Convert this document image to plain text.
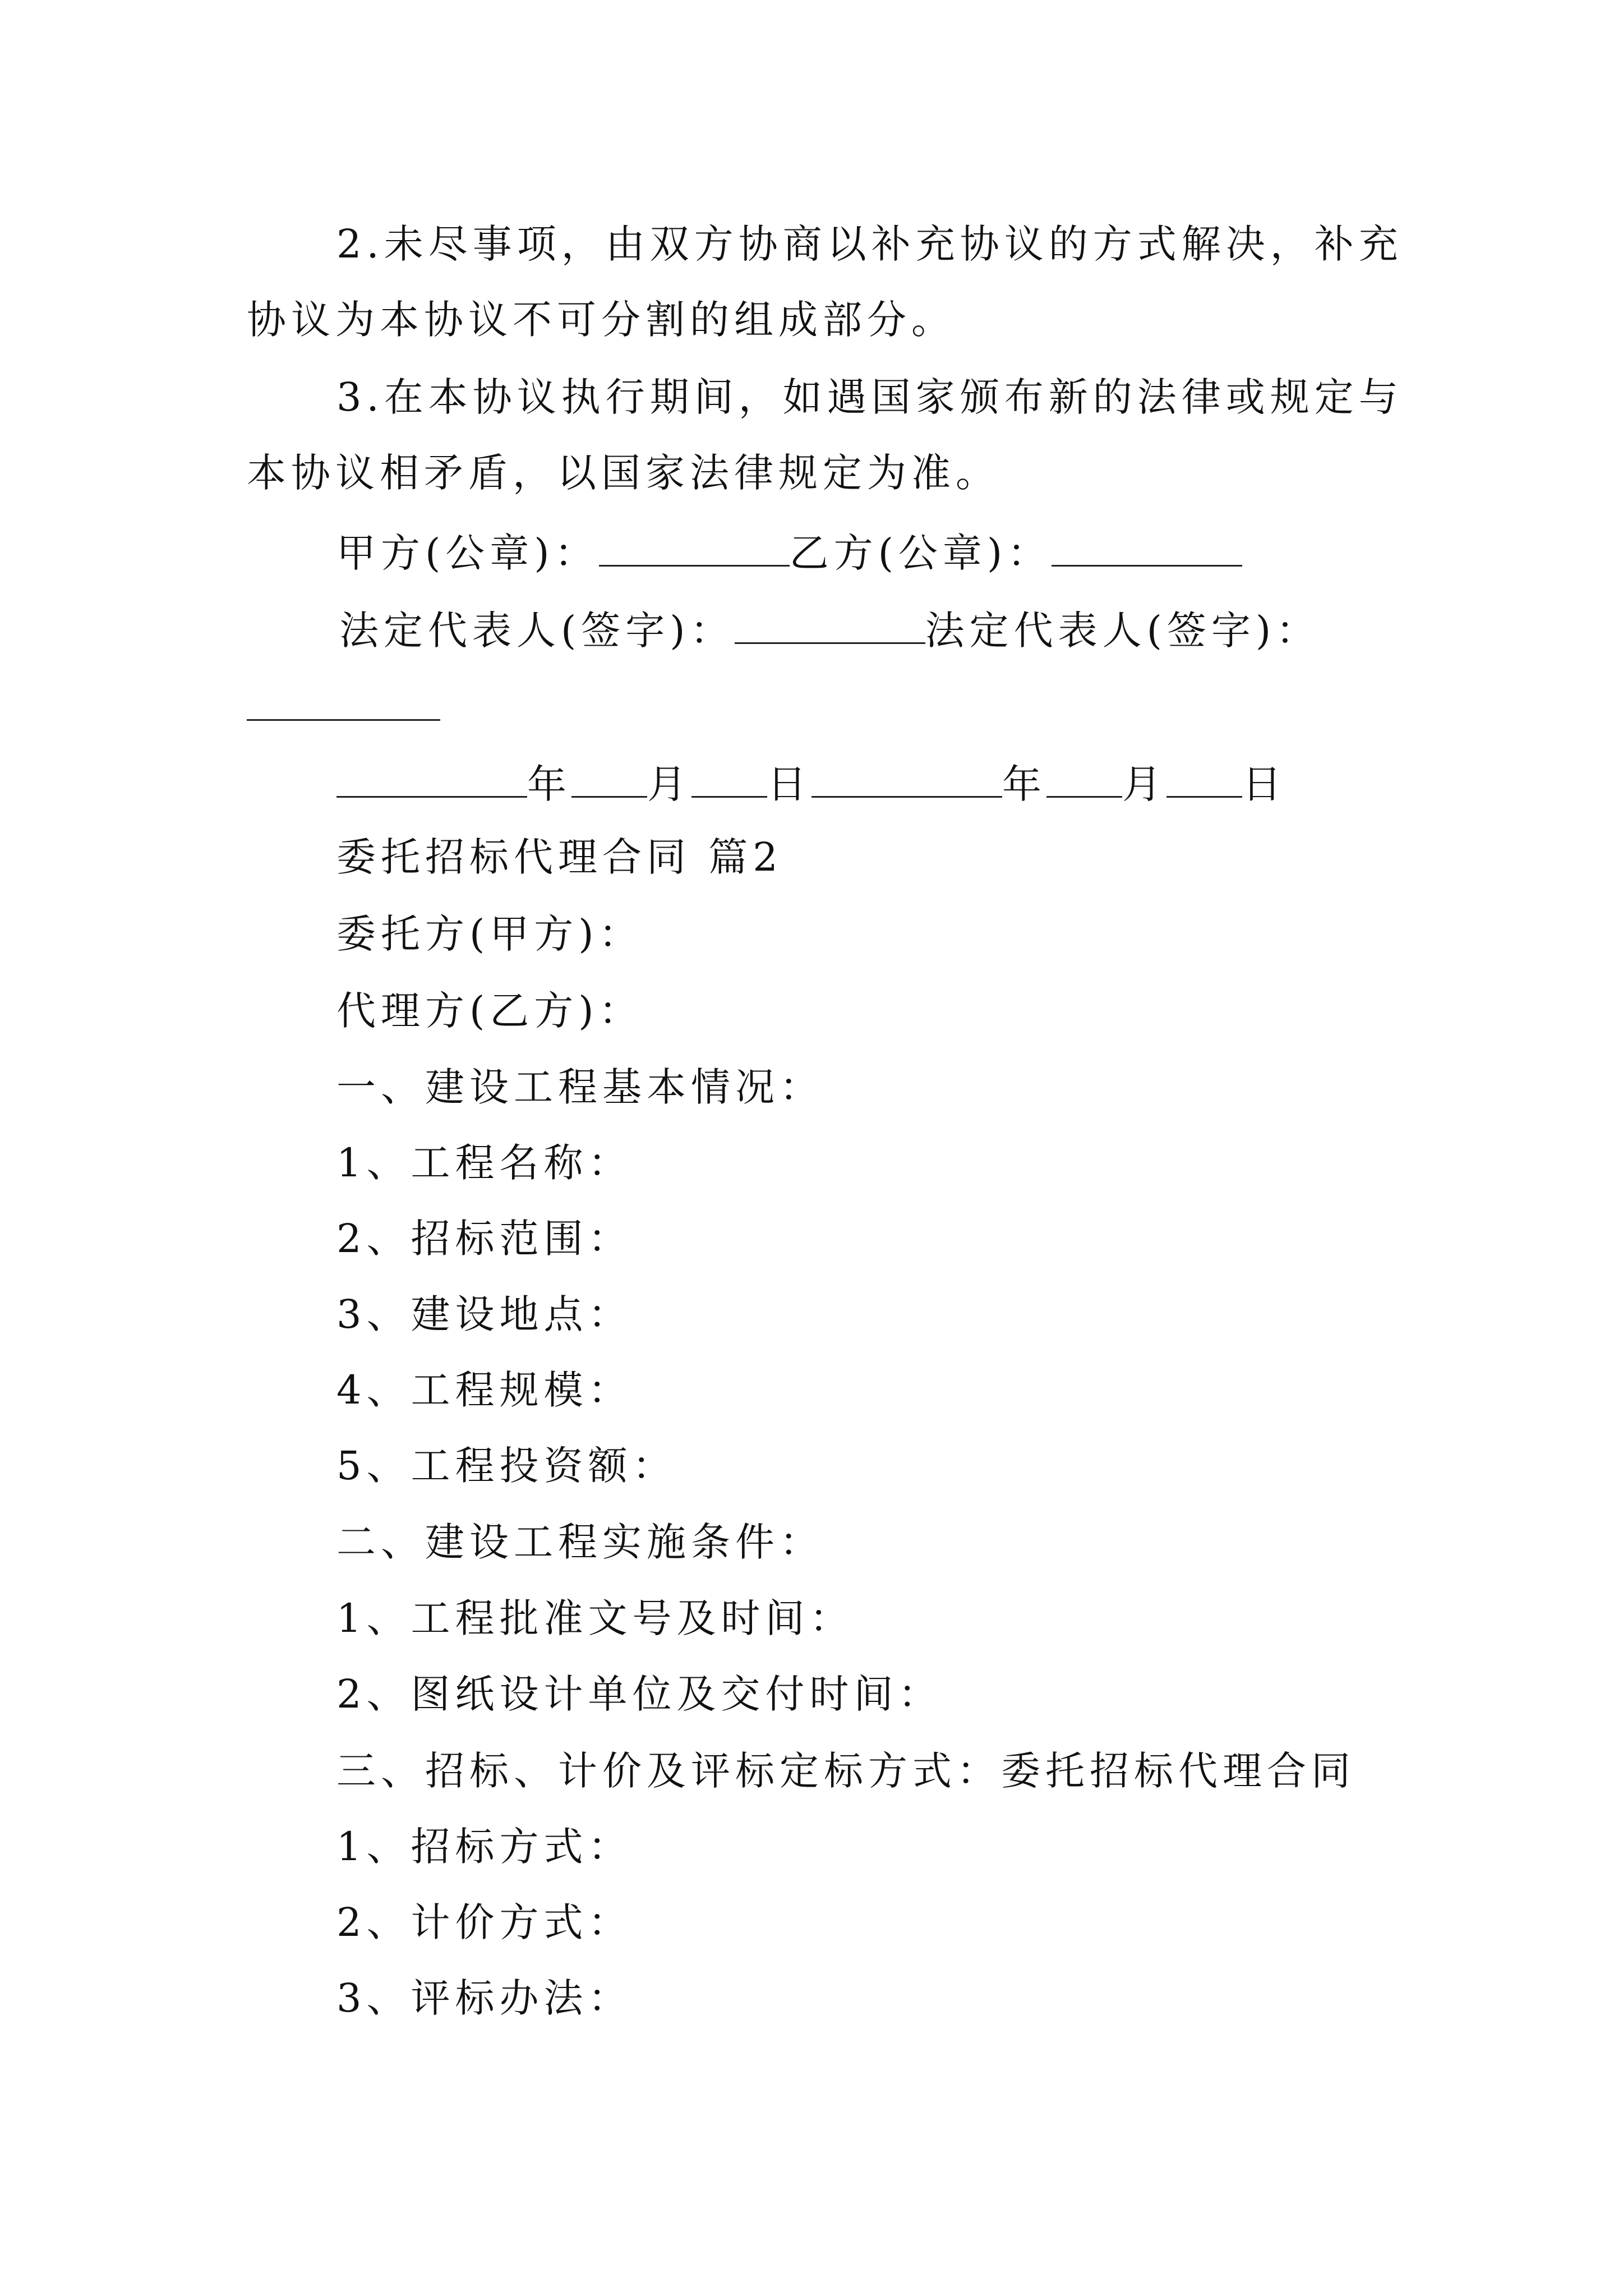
2.未尽事项，由双方协商以补充协议的方式解决，补充
协议为本协议不可分割的组成部分。
3.在本协议执行期间，如遇国家颁布新的法律或规定与
本协议相矛盾，以国家法律规定为准。
甲方(公章)：	乙方(公章)：
法定代表人(签字)：	法定代表人(签字)：
年 月 日	年 月 日
委托招标代理合同 篇2
委托方(甲方)：
代理方(乙方)：
一、建设工程基本情况：
1、工程名称：
2、招标范围：
3、建设地点：
4、工程规模：
5、工程投资额：
二、建设工程实施条件：
1、工程批准文号及时间：
2、图纸设计单位及交付时间：
三、招标、计价及评标定标方式：委托招标代理合同
1、招标方式：
2、计价方式：
3、评标办法：
